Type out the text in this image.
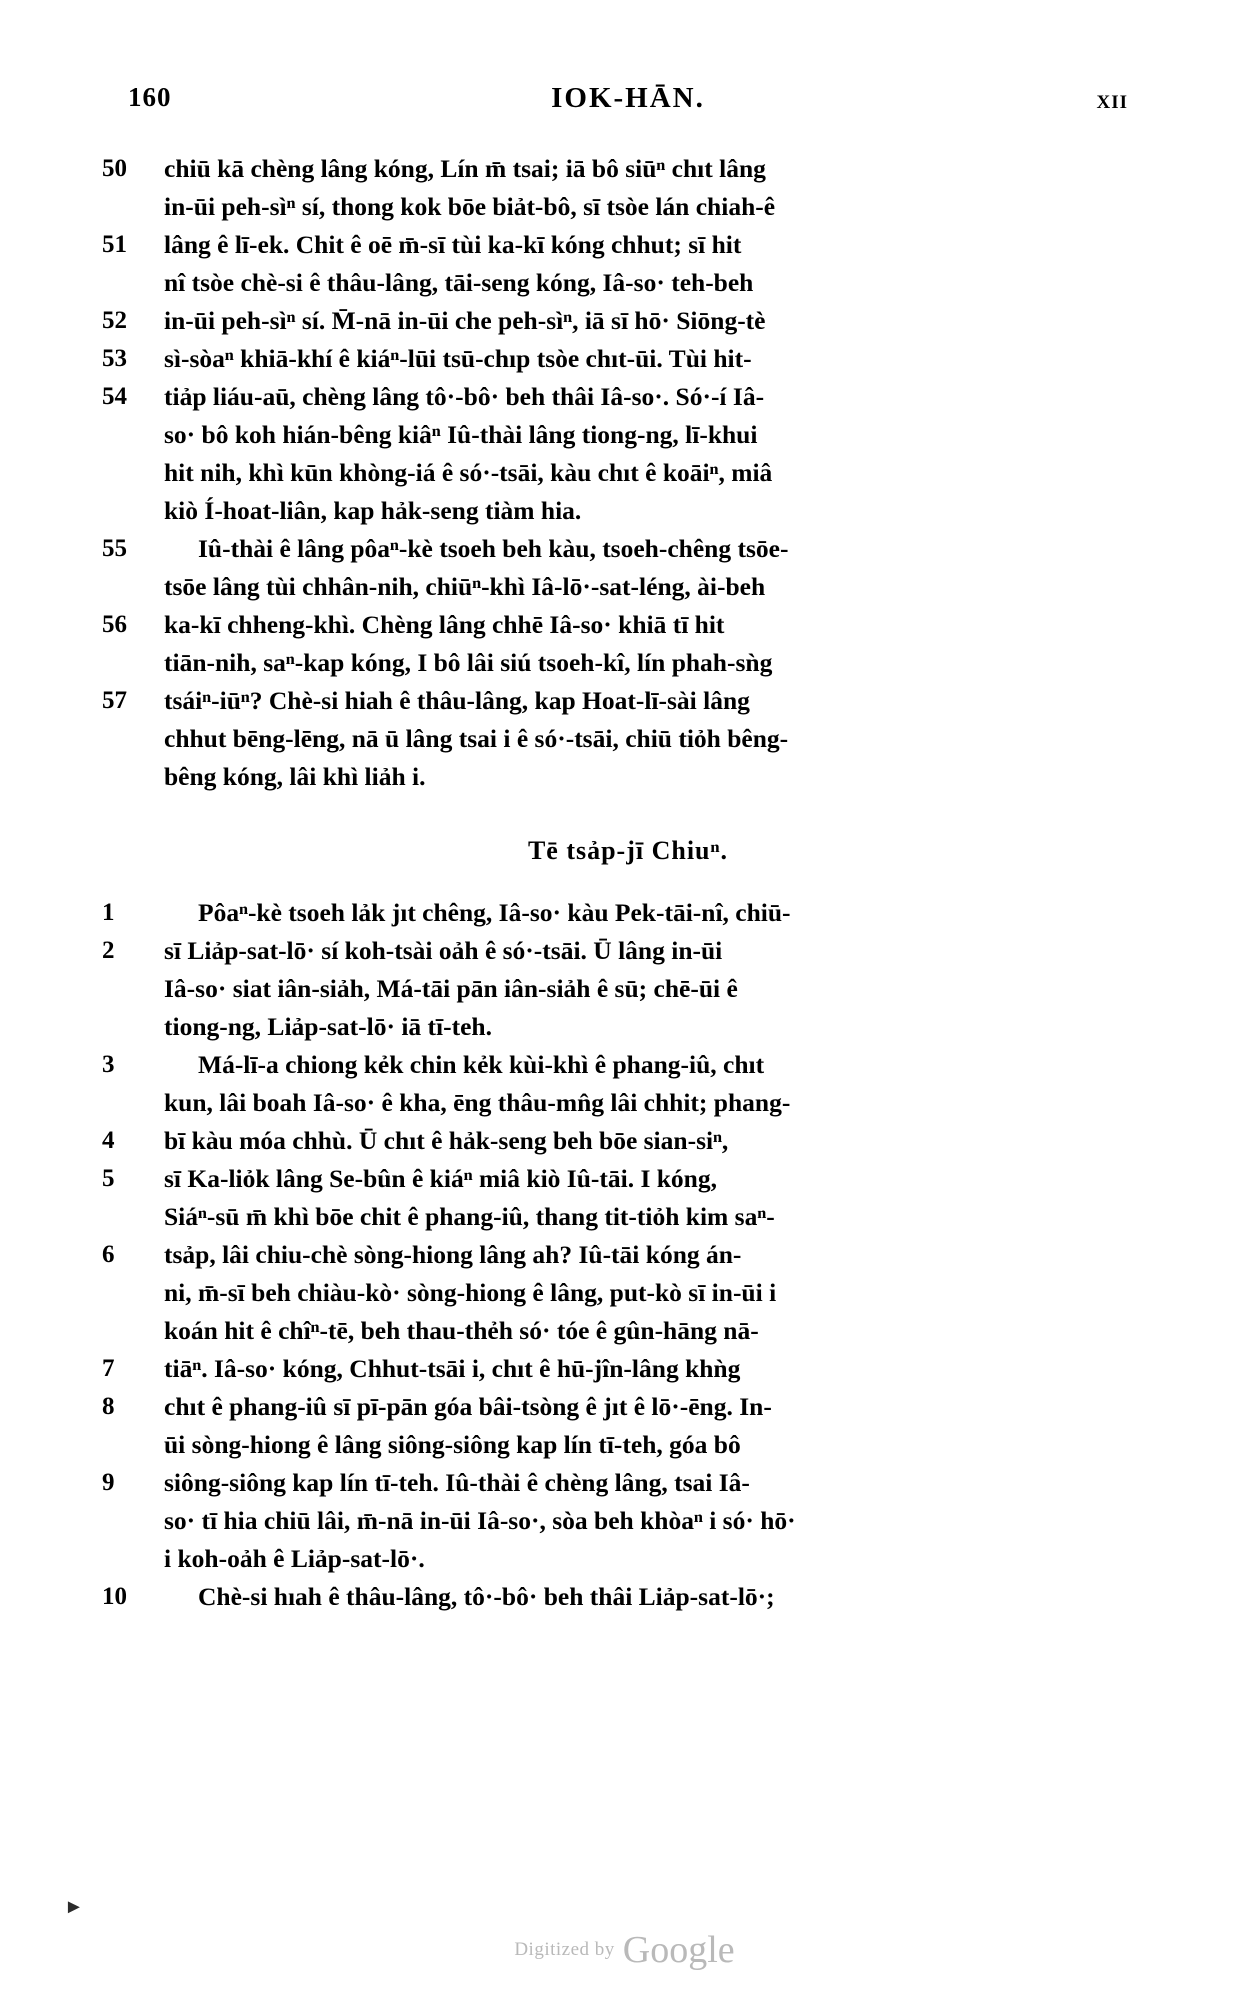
160	IOK-HĀN.	XII
50	chiū kā chèng lâng kóng, Lín m̄ tsai; iā bô siūⁿ chıt lâng
in-ūi peh-sìⁿ sí, thong kok bōe biảt-bô, sī tsòe lán chiah-ê
51	lâng ê lī-ek. Chit ê oē m̄-sī tùi ka-kī kóng chhut; sī hit
nî tsòe chè-si ê thâu-lâng, tāi-seng kóng, Iâ-so· teh-beh
52	in-ūi peh-sìⁿ sí. M̄-nā in-ūi che peh-sìⁿ, iā sī hō· Siōng-tè
53	sì-sòaⁿ khiā-khí ê kiáⁿ-lūi tsū-chıp tsòe chıt-ūi. Tùi hit-
54	tiảp liáu-aū, chèng lâng tô·-bô· beh thâi Iâ-so·. Só·-í Iâ-
so· bô koh hián-bêng kiâⁿ Iû-thài lâng tiong-ng, lī-khui
hit nih, khì kūn khòng-iá ê só·-tsāi, kàu chıt ê koāiⁿ, miâ
kiò Í-hoat-liân, kap hảk-seng tiàm hia.
55	Iû-thài ê lâng pôaⁿ-kè tsoeh beh kàu, tsoeh-chêng tsōe-
tsōe lâng tùi chhân-nih, chiūⁿ-khì Iâ-lō·-sat-léng, ài-beh
56	ka-kī chheng-khì. Chèng lâng chhē Iâ-so· khiā tī hit
tiān-nih, saⁿ-kap kóng, I bô lâi siú tsoeh-kî, lín phah-sǹg
57	tsáiⁿ-iūⁿ? Chè-si hiah ê thâu-lâng, kap Hoat-lī-sài lâng
chhut bēng-lēng, nā ū lâng tsai i ê só·-tsāi, chiū tiỏh bêng-
bêng kóng, lâi khì liảh i.
Tē tsảp-jī Chiuⁿ.
1	Pôaⁿ-kè tsoeh lảk jıt chêng, Iâ-so· kàu Pek-tāi-nî, chiū-
2	sī Liảp-sat-lō· sí koh-tsài oảh ê só·-tsāi. Ū lâng in-ūi
Iâ-so· siat iân-siảh, Má-tāi pān iân-siảh ê sū; chē-ūi ê
tiong-ng, Liảp-sat-lō· iā tī-teh.
3	Má-lī-a chiong kẻk chin kẻk kùi-khì ê phang-iû, chıt
kun, lâi boah Iâ-so· ê kha, ēng thâu-mn̂g lâi chhit; phang-
4	bī kàu móa chhù. Ū chıt ê hảk-seng beh bōe sian-siⁿ,
5	sī Ka-liỏk lâng Se-bûn ê kiáⁿ miâ kiò Iû-tāi. I kóng,
Siáⁿ-sū m̄ khì bōe chit ê phang-iû, thang tit-tiỏh kim saⁿ-
6	tsảp, lâi chiu-chè sòng-hiong lâng ah? Iû-tāi kóng án-
ni, m̄-sī beh chiàu-kò· sòng-hiong ê lâng, put-kò sī in-ūi i
koán hit ê chîⁿ-tē, beh thau-thẻh só· tóe ê gûn-hāng nā-
7	tiāⁿ. Iâ-so· kóng, Chhut-tsāi i, chıt ê hū-jîn-lâng khǹg
8	chıt ê phang-iû sī pī-pān góa bâi-tsòng ê jıt ê lō·-ēng. In-
ūi sòng-hiong ê lâng siông-siông kap lín tī-teh, góa bô
9	siông-siông kap lín tī-teh. Iû-thài ê chèng lâng, tsai Iâ-
so· tī hia chiū lâi, m̄-nā in-ūi Iâ-so·, sòa beh khòaⁿ i só· hō·
i koh-oảh ê Liảp-sat-lō·.
10	Chè-si hıah ê thâu-lâng, tô·-bô· beh thâi Liảp-sat-lō·;
►
Digitized by Google
